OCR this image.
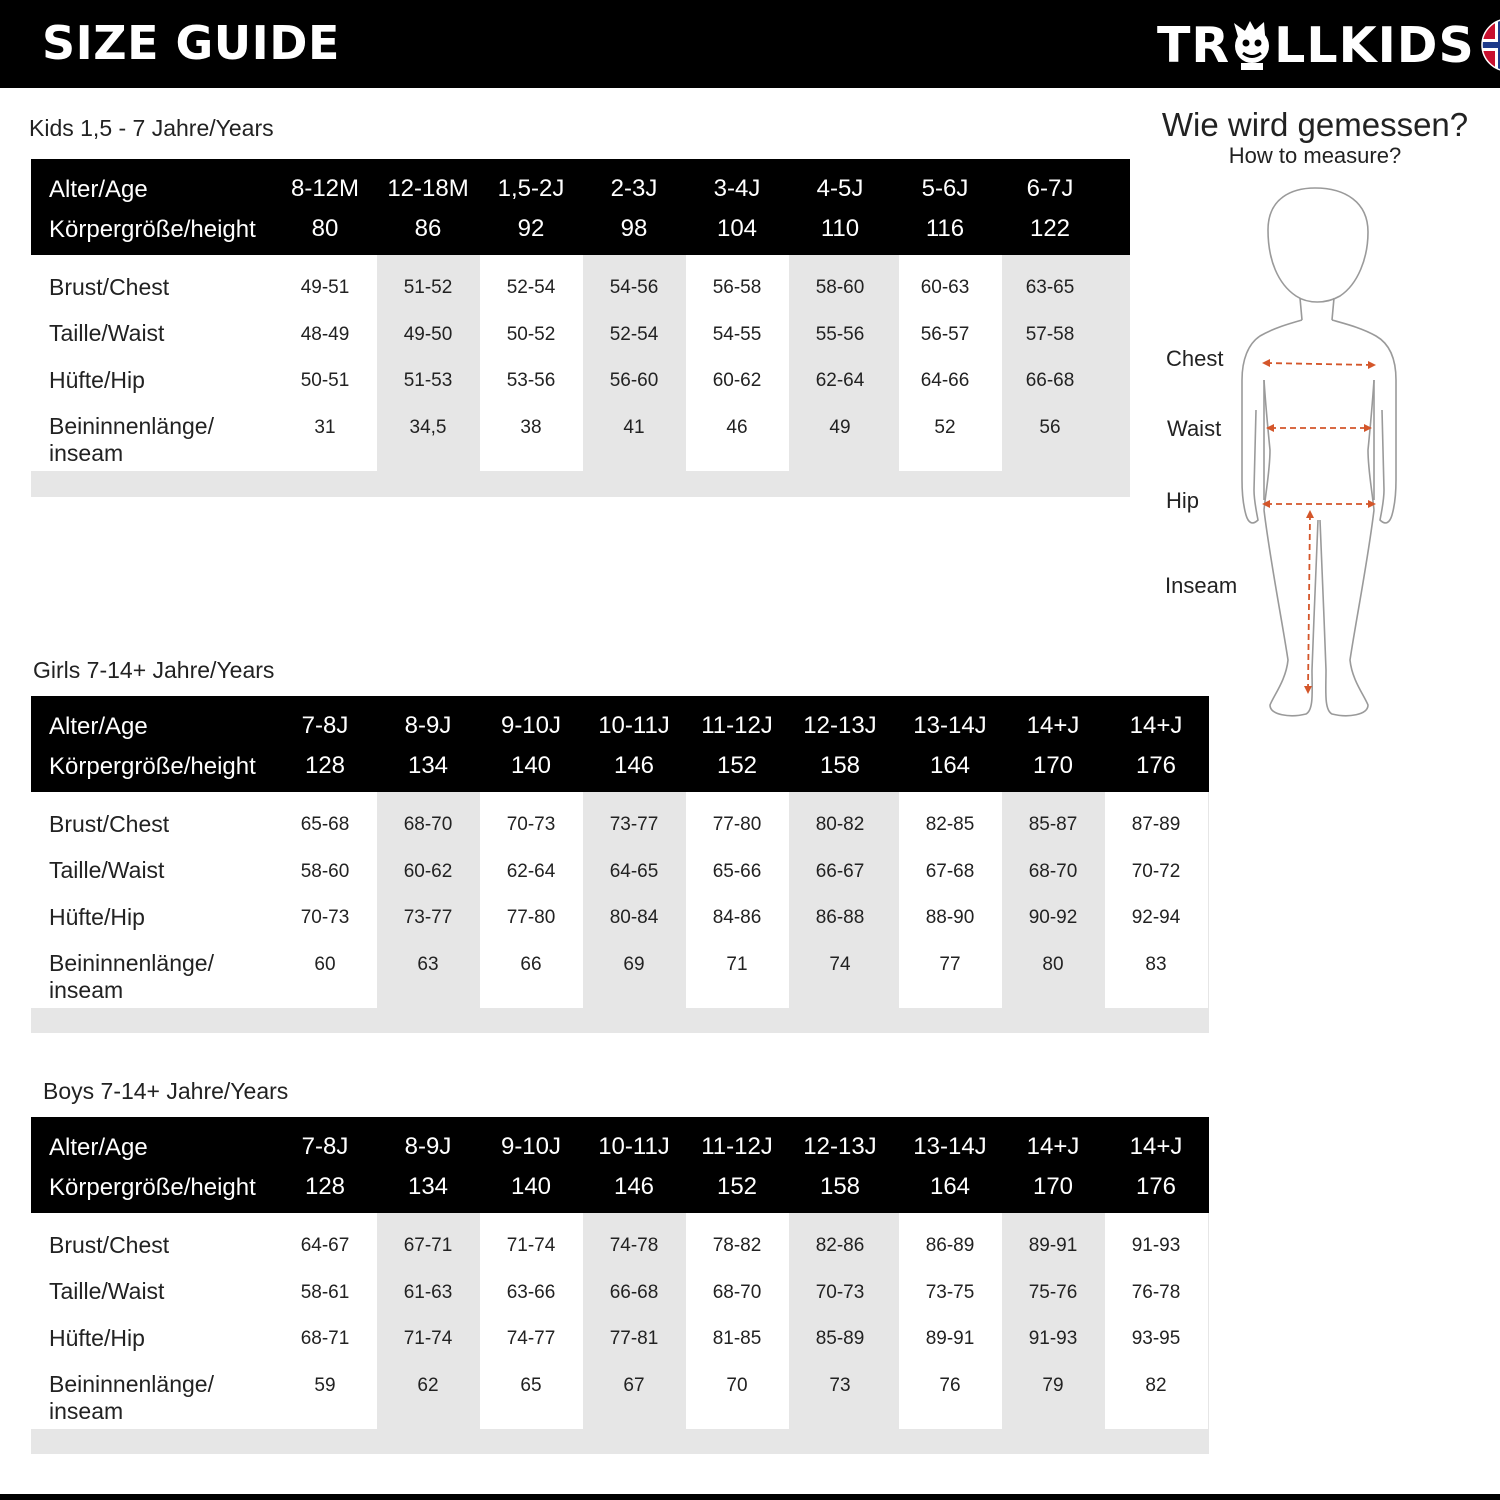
SIZE GUIDE	TR LLKIDS
Kids 1,5 - 7 Jahre/Years
Alter/Age
Körpergröße/height
8-12M
80
12-18M
86
1,5-2J
92
2-3J
98
3-4J
104
4-5J
110
5-6J
116
6-7J
122
Brust/Chest
Taille/Waist
Hüfte/Hip
Beininnenlänge/
inseam
49-51
48-49
50-51
31
51-52
49-50
51-53
34,5
52-54
50-52
53-56
38
54-56
52-54
56-60
41
56-58
54-55
60-62
46
58-60
55-56
62-64
49
60-63
56-57
64-66
52
63-65
57-58
66-68
56
Girls 7-14+ Jahre/Years
Alter/Age
Körpergröße/height
7-8J
128
8-9J
134
9-10J
140
10-11J
146
11-12J
152
12-13J
158
13-14J
164
14+J
170
14+J
176
Brust/Chest
Taille/Waist
Hüfte/Hip
Beininnenlänge/
inseam
65-68
58-60
70-73
60
68-70
60-62
73-77
63
70-73
62-64
77-80
66
73-77
64-65
80-84
69
77-80
65-66
84-86
71
80-82
66-67
86-88
74
82-85
67-68
88-90
77
85-87
68-70
90-92
80
87-89
70-72
92-94
83
Boys 7-14+ Jahre/Years
Alter/Age
Körpergröße/height
7-8J
128
8-9J
134
9-10J
140
10-11J
146
11-12J
152
12-13J
158
13-14J
164
14+J
170
14+J
176
Brust/Chest
Taille/Waist
Hüfte/Hip
Beininnenlänge/
inseam
64-67
58-61
68-71
59
67-71
61-63
71-74
62
71-74
63-66
74-77
65
74-78
66-68
77-81
67
78-82
68-70
81-85
70
82-86
70-73
85-89
73
86-89
73-75
89-91
76
89-91
75-76
91-93
79
91-93
76-78
93-95
82
Wie wird gemessen?
How to measure?
Chest
Waist
Hip
Inseam
